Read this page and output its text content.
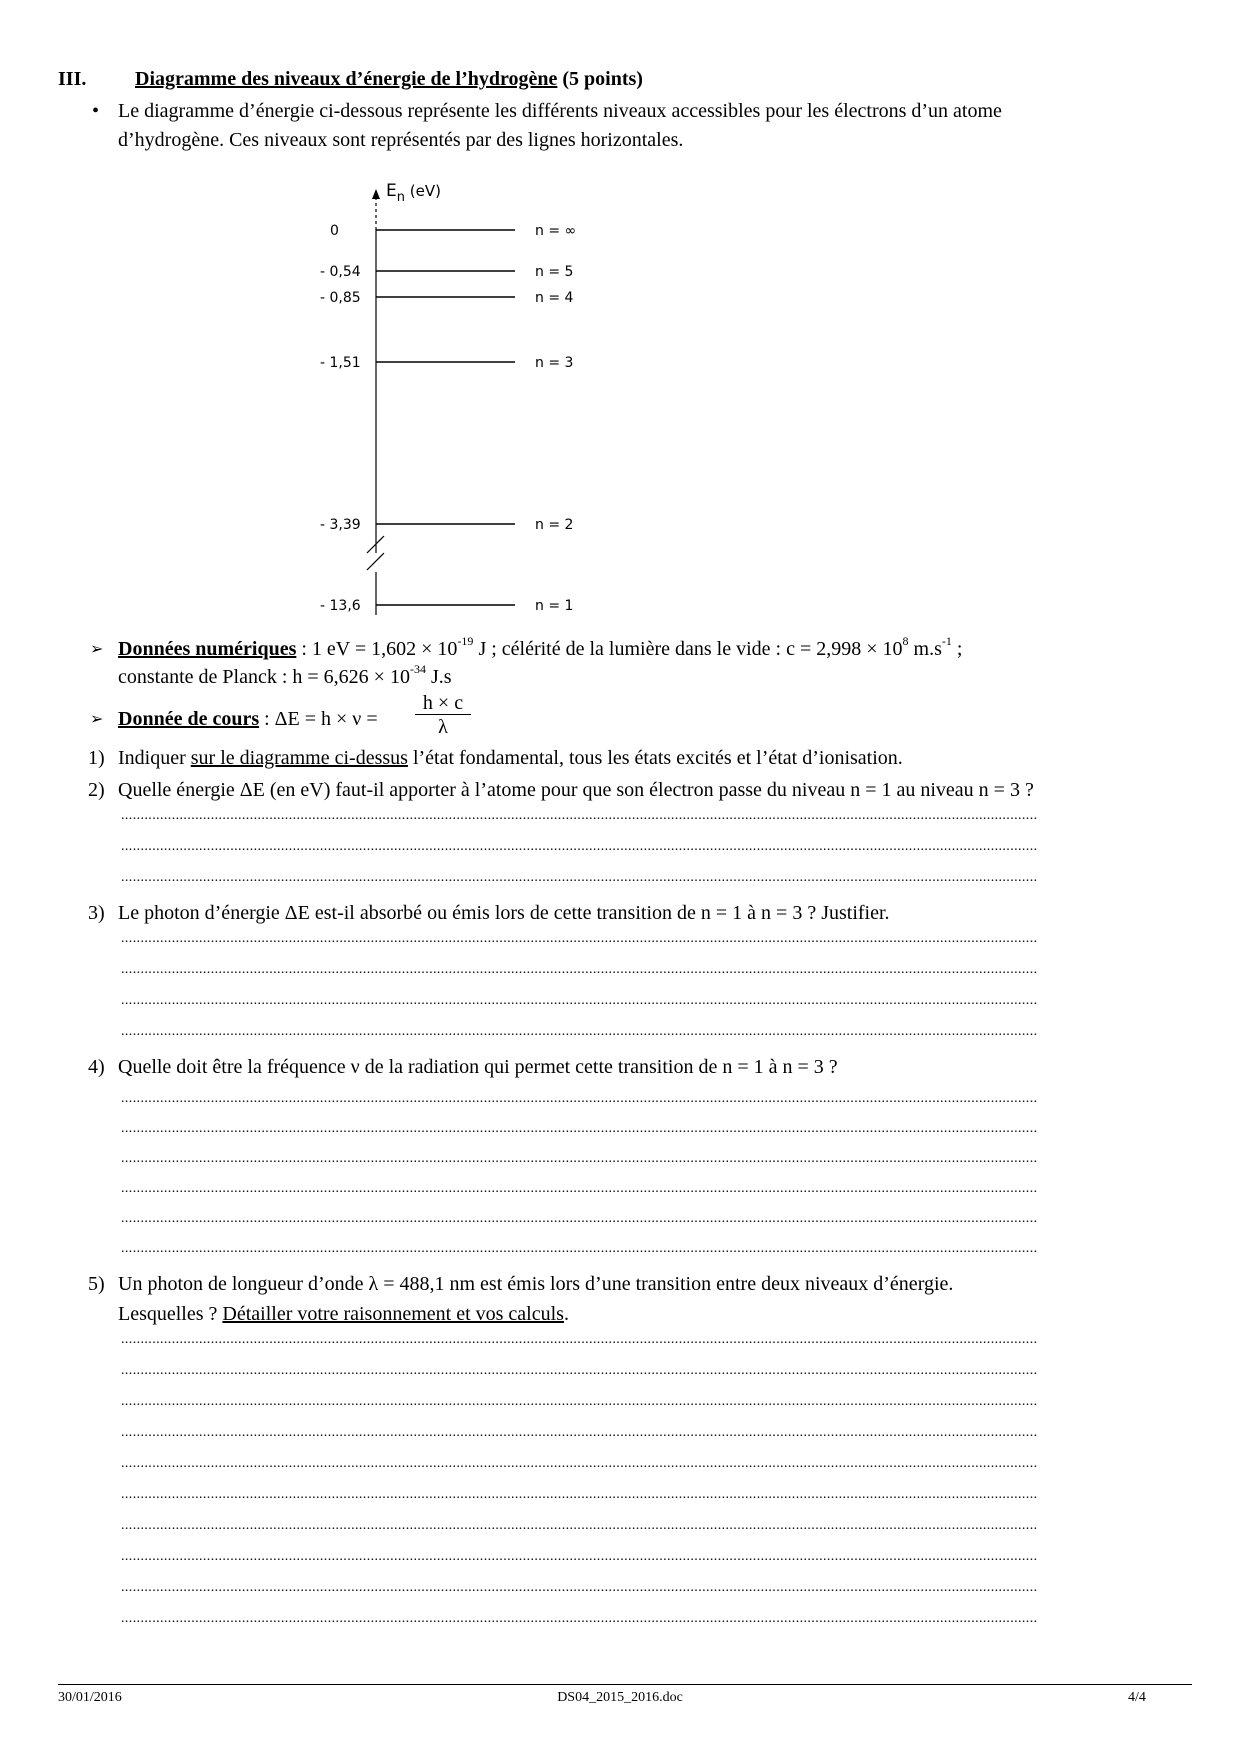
III. Diagramme des niveaux d’énergie de l’hydrogène (5 points)
• Le diagramme d’énergie ci-dessous représente les différents niveaux accessibles pour les électrons d’un atome
d’hydrogène. Ces niveaux sont représentés par des lignes horizontales.
$E_n$ (eV)
0	n = ∞
- 0,54	n = 5
- 0,85	n = 4
- 1,51	n = 3
- 3,39	n = 2
- 13,6	n = 1
➢ Données numériques : 1 eV = $1,602 \times 10^{-19}$ J ; célérité de la lumière dans le vide : $c = 2,998 \times 10^8$ $m.s^{-1}$ ;
constante de Planck : $h = 6,626 \times 10^{-34}$ J.s
➢ Donnée de cours : $\Delta E = h \times \nu = \frac{h \times c}{\lambda}$
1) Indiquer sur le diagramme ci-dessus l’état fondamental, tous les états excités et l’état d’ionisation.
2) Quelle énergie ΔE (en eV) faut-il apporter à l’atome pour que son électron passe du niveau n = 1 au niveau n = 3 ?
...........................................................................................................................................................................................................................................
...........................................................................................................................................................................................................................................
...........................................................................................................................................................................................................................................
3) Le photon d’énergie ΔE est-il absorbé ou émis lors de cette transition de n = 1 à n = 3 ? Justifier.
...........................................................................................................................................................................................................................................
...........................................................................................................................................................................................................................................
...........................................................................................................................................................................................................................................
...........................................................................................................................................................................................................................................
4) Quelle doit être la fréquence ν de la radiation qui permet cette transition de n = 1 à n = 3 ?
...........................................................................................................................................................................................................................................
...........................................................................................................................................................................................................................................
...........................................................................................................................................................................................................................................
...........................................................................................................................................................................................................................................
...........................................................................................................................................................................................................................................
...........................................................................................................................................................................................................................................
5) Un photon de longueur d’onde λ = 488,1 nm est émis lors d’une transition entre deux niveaux d’énergie.
Lesquelles ? Détailler votre raisonnement et vos calculs.
...........................................................................................................................................................................................................................................
...........................................................................................................................................................................................................................................
...........................................................................................................................................................................................................................................
...........................................................................................................................................................................................................................................
...........................................................................................................................................................................................................................................
...........................................................................................................................................................................................................................................
...........................................................................................................................................................................................................................................
...........................................................................................................................................................................................................................................
...........................................................................................................................................................................................................................................
...........................................................................................................................................................................................................................................
30/01/2016	DS04_2015_2016.doc	4/4
